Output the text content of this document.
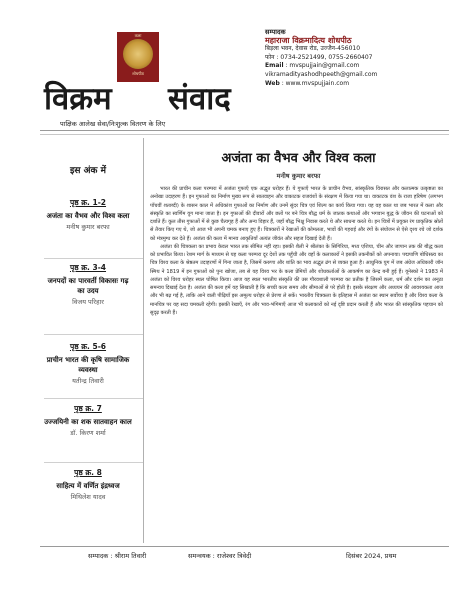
कला
शोधपीठ
विक्रम संवाद
पाक्षिक आलेख सेवा/निःशुल्क वितरण के लिए
सम्पादक
महाराजा विक्रमादित्य शोधपीठ
बिड़ला भवन, देवास रोड, उज्जैन-456010
फोन : 0734-2521499, 0755-2660407
Email : mvspujjain@gmail.com
vikramadityashodhpeeth@gmail.com
Web : www.mvspujjain.com
इस अंक में
पृष्ठ क्र. 1-2
अजंता का वैभव और विश्व कला
मनीष कुमार बरफा
पृष्ठ क्र. 3-4
जनपदों का पारवर्ती विकासः गढ़ का उदय
विजय परिहार
पृष्ठ क्र. 5-6
प्राचीन भारत की कृषि सामाजिक व्यवस्था
यतीन्द्र तिवारी
पृष्ठ क्र. 7
उज्जयिनी का शक सातवाहन काल
डॉ. किरण शर्मा
पृष्ठ क्र. 8
साहित्य में वर्णित इंद्रध्वज
मिथिलेश यादव
अजंता का वैभव और विश्व कला
मनीष कुमार बरफा

भारत की प्राचीन कला परम्परा में अजंता गुफाएँ एक अद्भुत धरोहर हैं। ये गुफाएँ भारत के प्राचीन वैभव, सांस्कृतिक विरासत और कलात्मक उत्कृष्टता का अनोखा उदाहरण हैं। इन गुफाओं का निर्माण मुख्य रूप से सातवाहन और वाकाटक राजवंशों के संरक्षण में किया गया था। वाकाटक वंश के राजा हरिषेण (लगभग पाँचवीं शताब्दी) के शासन काल में अधिकांश गुफाओं का निर्माण और उनमें सुंदर चित्र एवं शिल्प का कार्य किया गया। यह वह काल था जब भारत में कला और संस्कृति का स्वर्णिम युग माना जाता है। इन गुफाओं की दीवारों और छतों पर बने चित्र बौद्ध धर्म के जातक कथाओं और भगवान बुद्ध के जीवन की घटनाओं को दर्शाते हैं। कुल तीस गुफाओं में से कुछ चैत्यगृह हैं और अन्य विहार हैं, जहाँ बौद्ध भिक्षु निवास करते थे और साधना करते थे। इन चित्रों में प्रयुक्त रंग प्राकृतिक स्रोतों से तैयार किए गए थे, जो आज भी अपनी चमक बनाए हुए हैं। चित्रकारों ने रेखाओं की कोमलता, भावों की गहराई और रंगों के संयोजन से ऐसे दृश्य रचे जो दर्शक को मंत्रमुग्ध कर देते हैं। अजंता की कला में मानव आकृतियाँ अत्यंत जीवंत और सहज दिखाई देती हैं।

अजंता की चित्रकला का प्रभाव केवल भारत तक सीमित नहीं रहा। इसकी शैली ने श्रीलंका के सिगिरिया, मध्य एशिया, चीन और जापान तक की बौद्ध कला को प्रभावित किया। रेशम मार्ग के माध्यम से यह कला परम्परा दूर देशों तक पहुँची और वहाँ के कलाकारों ने इसकी तकनीकों को अपनाया। पद्मपाणि बोधिसत्व का चित्र विश्व कला के श्रेष्ठतम उदाहरणों में गिना जाता है, जिसमें करुणा और शांति का भाव अद्भुत ढंग से व्यक्त हुआ है। आधुनिक युग में जब अंग्रेज अधिकारी जॉन स्मिथ ने 1819 में इन गुफाओं को पुनः खोजा, तब से यह विश्व भर के कला प्रेमियों और शोधकर्ताओं के आकर्षण का केन्द्र बनी हुई हैं। यूनेस्को ने 1983 में अजंता को विश्व धरोहर स्थल घोषित किया। आज यह स्थल भारतीय संस्कृति की उस गौरवशाली परम्परा का प्रतीक है जिसमें कला, धर्म और दर्शन का अनूठा समन्वय दिखाई देता है। अजंता की कला हमें यह सिखाती है कि सच्ची कला समय और सीमाओं से परे होती है। इसके संरक्षण और अध्ययन की आवश्यकता आज और भी बढ़ गई है, ताकि आने वाली पीढ़ियाँ इस अमूल्य धरोहर से प्रेरणा ले सकें। भारतीय चित्रकला के इतिहास में अजंता का स्थान सर्वोच्च है और विश्व कला के मानचित्र पर यह सदा चमकती रहेगी। इसकी रेखाएँ, रंग और भाव-भंगिमाएँ आज भी कलाकारों को नई दृष्टि प्रदान करती हैं और भारत की सांस्कृतिक पहचान को सुदृढ़ करती हैं।

सम्पादक : श्रीराम तिवारी	समन्वयक : राजेश्वर त्रिवेदी	दिसंबर 2024, प्रथम
